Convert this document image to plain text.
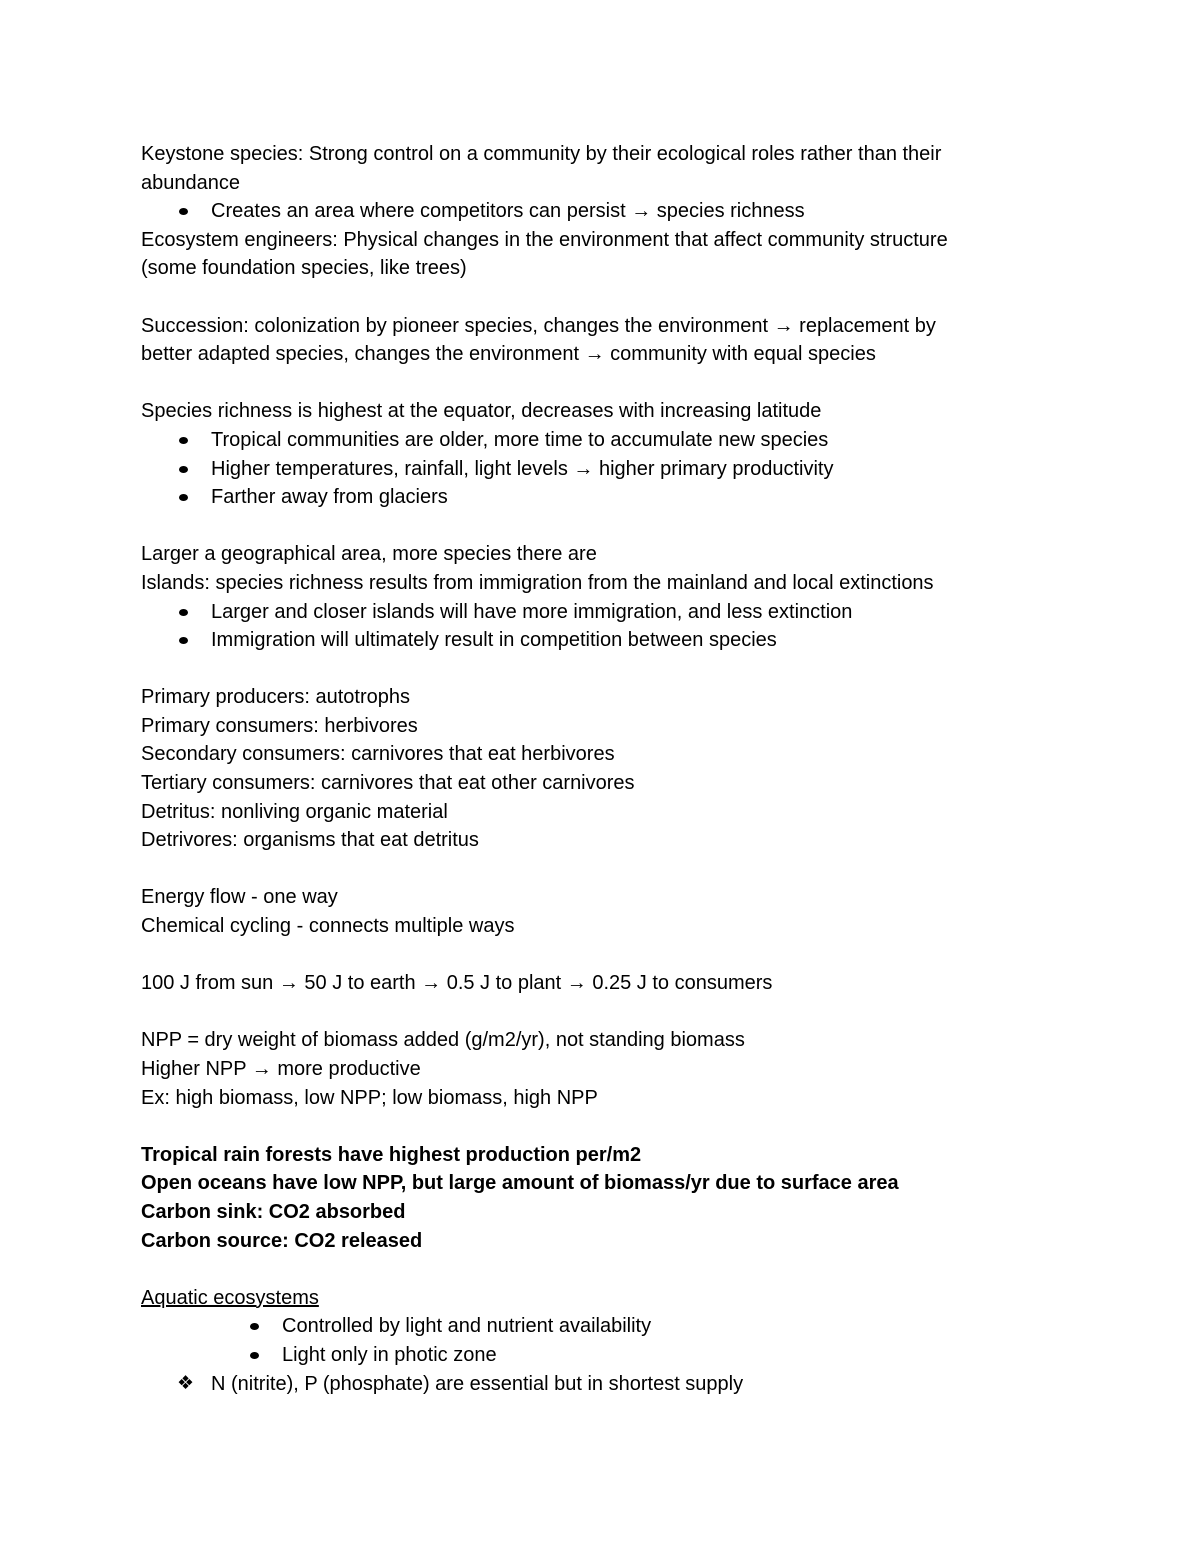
Keystone species: Strong control on a community by their ecological roles rather than their

abundance

Creates an area where competitors can persist → species richness

Ecosystem engineers: Physical changes in the environment that affect community structure

(some foundation species, like trees)

Succession: colonization by pioneer species, changes the environment → replacement by

better adapted species, changes the environment → community with equal species

Species richness is highest at the equator, decreases with increasing latitude

Tropical communities are older, more time to accumulate new species
Higher temperatures, rainfall, light levels → higher primary productivity
Farther away from glaciers

Larger a geographical area, more species there are

Islands: species richness results from immigration from the mainland and local extinctions

Larger and closer islands will have more immigration, and less extinction
Immigration will ultimately result in competition between species

Primary producers: autotrophs

Primary consumers: herbivores

Secondary consumers: carnivores that eat herbivores

Tertiary consumers: carnivores that eat other carnivores

Detritus: nonliving organic material

Detrivores: organisms that eat detritus

Energy flow - one way

Chemical cycling - connects multiple ways

100 J from sun → 50 J to earth → 0.5 J to plant → 0.25 J to consumers

NPP = dry weight of biomass added (g/m2/yr), not standing biomass

Higher NPP → more productive

Ex: high biomass, low NPP; low biomass, high NPP

Tropical rain forests have highest production per/m2

Open oceans have low NPP, but large amount of biomass/yr due to surface area

Carbon sink: CO2 absorbed

Carbon source: CO2 released

Aquatic ecosystems

Controlled by light and nutrient availability
Light only in photic zone
❖ N (nitrite), P (phosphate) are essential but in shortest supply
